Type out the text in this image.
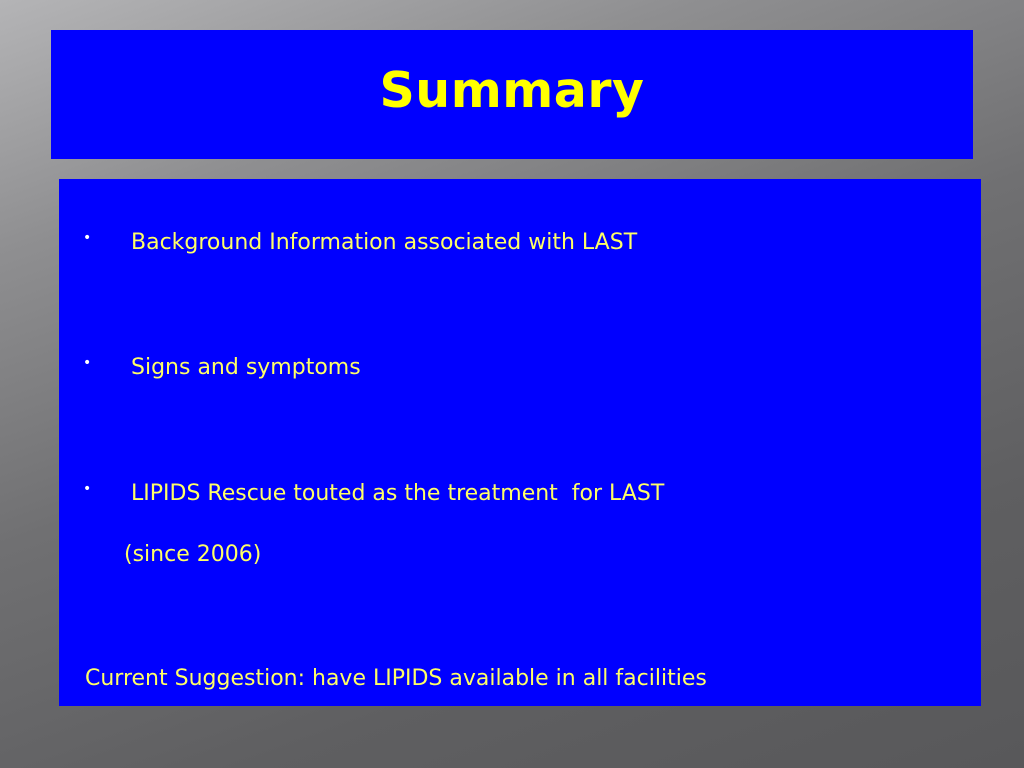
Summary
• Background Information associated with LAST
• Signs and symptoms
• LIPIDS Rescue touted as the treatment  for LAST
(since 2006)
Current Suggestion: have LIPIDS available in all facilities
